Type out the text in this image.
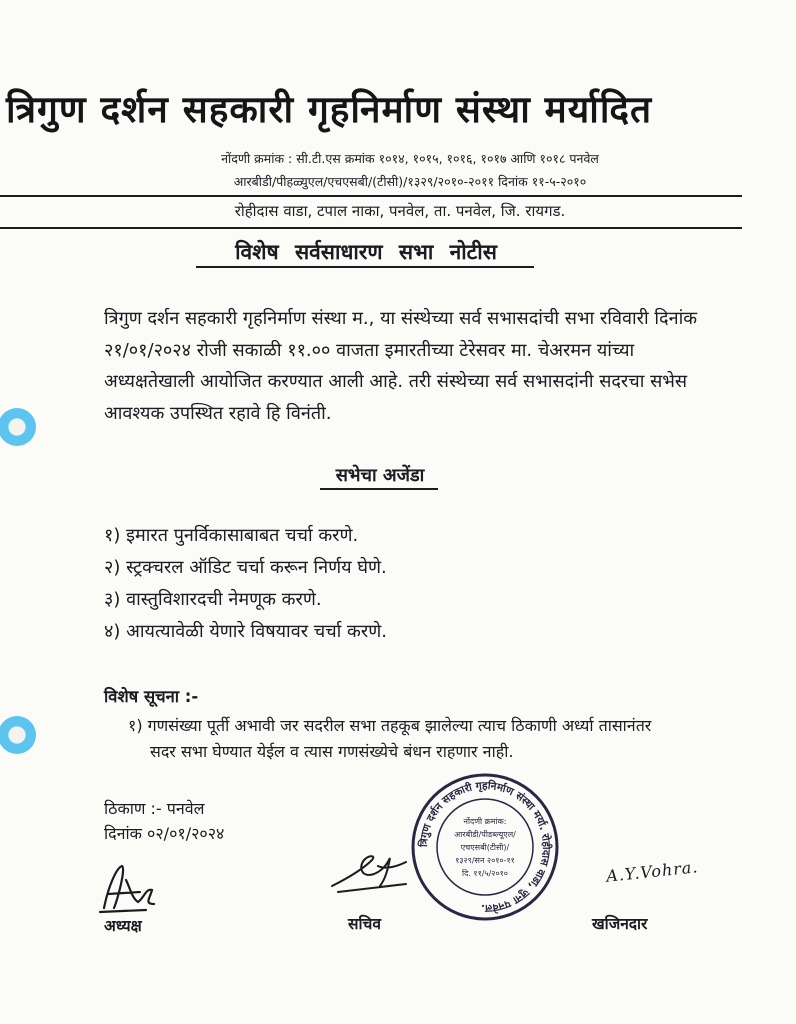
त्रिगुण दर्शन सहकारी गृहनिर्माण संस्था मर्यादित
नोंदणी क्रमांक : सी.टी.एस क्रमांक १०१४, १०१५, १०१६, १०१७ आणि १०१८ पनवेल
आरबीडी/पीहळ्युएल/एचएसबी/(टीसी)/१३२९/२०१०-२०११ दिनांक ११-५-२०१०
रोहीदास वाडा, टपाल नाका, पनवेल, ता. पनवेल, जि. रायगड.
विशेष सर्वसाधारण सभा नोटीस
त्रिगुण दर्शन सहकारी गृहनिर्माण संस्था म., या संस्थेच्या सर्व सभासदांची सभा रविवारी दिनांक २१/०१/२०२४ रोजी सकाळी ११.०० वाजता इमारतीच्या टेरेसवर मा. चेअरमन यांच्या अध्यक्षतेखाली आयोजित करण्यात आली आहे. तरी संस्थेच्या सर्व सभासदांनी सदरचा सभेस आवश्यक उपस्थित रहावे हि विनंती.
सभेचा अजेंडा
१) इमारत पुनर्विकासाबाबत चर्चा करणे.
२) स्ट्रक्चरल ऑडिट चर्चा करून निर्णय घेणे.
३) वास्तुविशारदची नेमणूक करणे.
४) आयत्यावेळी येणारे विषयावर चर्चा करणे.
विशेष सूचना :-
१) गणसंख्या पूर्ती अभावी जर सदरील सभा तहकूब झालेल्या त्याच ठिकाणी अर्ध्या तासानंतर
सदर सभा घेण्यात येईल व त्यास गणसंख्येचे बंधन राहणार नाही.
ठिकाण :- पनवेल
दिनांक ०२/०१/२०२४
अध्यक्ष	सचिव
त्रिगुण दर्शन सहकारी गृहनिर्माण संस्था मर्या. रोहीदास वाडा, जुना पनवेल.
नोंदणी क्रमांक:
आरबीडी/पीडब्ल्यूएल/
एचएसबी(टीसी)/
१३२९/सन २०१०-११
दि. ११/५/२०१०	A.Y.Vohra.
खजिनदार
